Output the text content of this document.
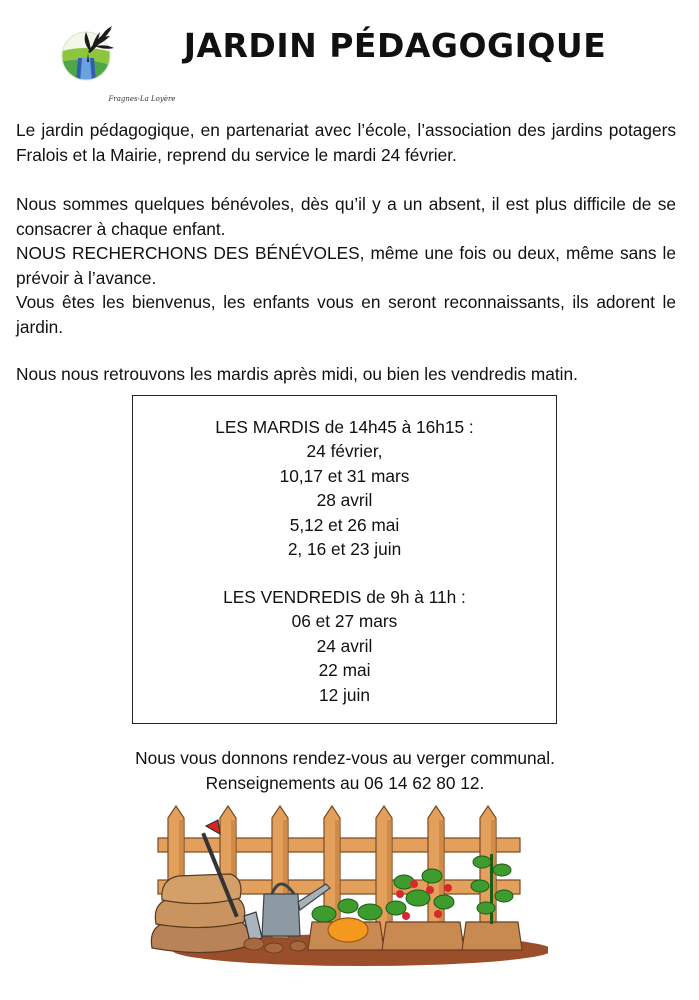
Fragnes-La Loyère
JARDIN PÉDAGOGIQUE

Le jardin pédagogique, en partenariat avec l’école, l’association des jardins potagers Fralois et la Mairie, reprend du service le mardi 24 février.

Nous sommes quelques bénévoles, dès qu’il y a un absent, il est plus difficile de se consacrer à chaque enfant.
NOUS RECHERCHONS DES BÉNÉVOLES, même une fois ou deux, même sans le prévoir à l’avance.
Vous êtes les bienvenus, les enfants vous en seront reconnaissants, ils adorent le jardin.

Nous nous retrouvons les mardis après midi, ou bien les vendredis matin.

LES MARDIS de 14h45 à 16h15 :
24 février,
10,17 et 31 mars
28 avril
5,12 et 26 mai
2, 16 et 23 juin
LES VENDREDIS de 9h à 11h :
06 et 27 mars
24 avril
22 mai
12 juin
Nous vous donnons rendez-vous au verger communal.
Renseignements au 06 14 62 80 12.
